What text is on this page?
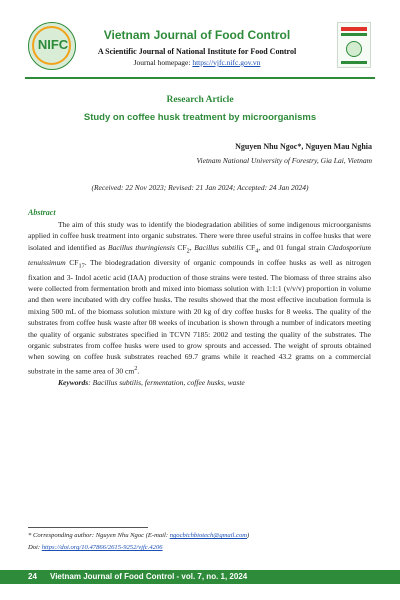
NIFC
Vietnam Journal of Food Control
A Scientific Journal of National Institute for Food Control
Journal homepage: https://vjfc.nifc.gov.vn
Research Article
Study on coffee husk treatment by microorganisms
Nguyen Nhu Ngoc*, Nguyen Mau Nghia
Vietnam National University of Forestry, Gia Lai, Vietnam
(Received: 22 Nov 2023; Revised: 21 Jan 2024; Accepted: 24 Jan 2024)
Abstract

The aim of this study was to identify the biodegradation abilities of some indigenous microorganisms applied in coffee husk treatment into organic substrates. There were three useful strains in coffee husks that were isolated and identified as Bacillus thuringiensis $CF_2$, Bacillus subtilis $CF_4$, and 01 fungal strain Cladosporium tenuissimum $CF_{17}$. The biodegradation diversity of organic compounds in coffee husks as well as nitrogen fixation and 3- Indol acetic acid (IAA) production of those strains were tested. The biomass of three strains also were collected from fermentation broth and mixed into biomass solution with 1:1:1 (v/v/v) proportion in volume and then were incubated with dry coffee husks. The results showed that the most effective incubation formula is mixing 500 mL of the biomass solution mixture with 20 kg of dry coffee husks for 8 weeks. The quality of the substrates from coffee husk waste after 08 weeks of incubation is shown through a number of indicators meeting the quality of organic substrates specified in TCVN 7185: 2002 and testing the quality of the substrates. The organic substrates from coffee husks were used to grow sprouts and accessed. The weight of sprouts obtained when sowing on coffee husk substrates reached 69.7 grams while it reached 43.2 grams on a commercial substrate in the same area of 30 $cm^2$.

Keywords: Bacillus subtilis, fermentation, coffee husks, waste

* Corresponding author: Nguyen Nhu Ngoc (E-mail: ngocbichbiotech@gmail.com)
Doi: https://doi.org/10.47866/2615-9252/vjfc.4206
24 Vietnam Journal of Food Control - vol. 7, no. 1, 2024
